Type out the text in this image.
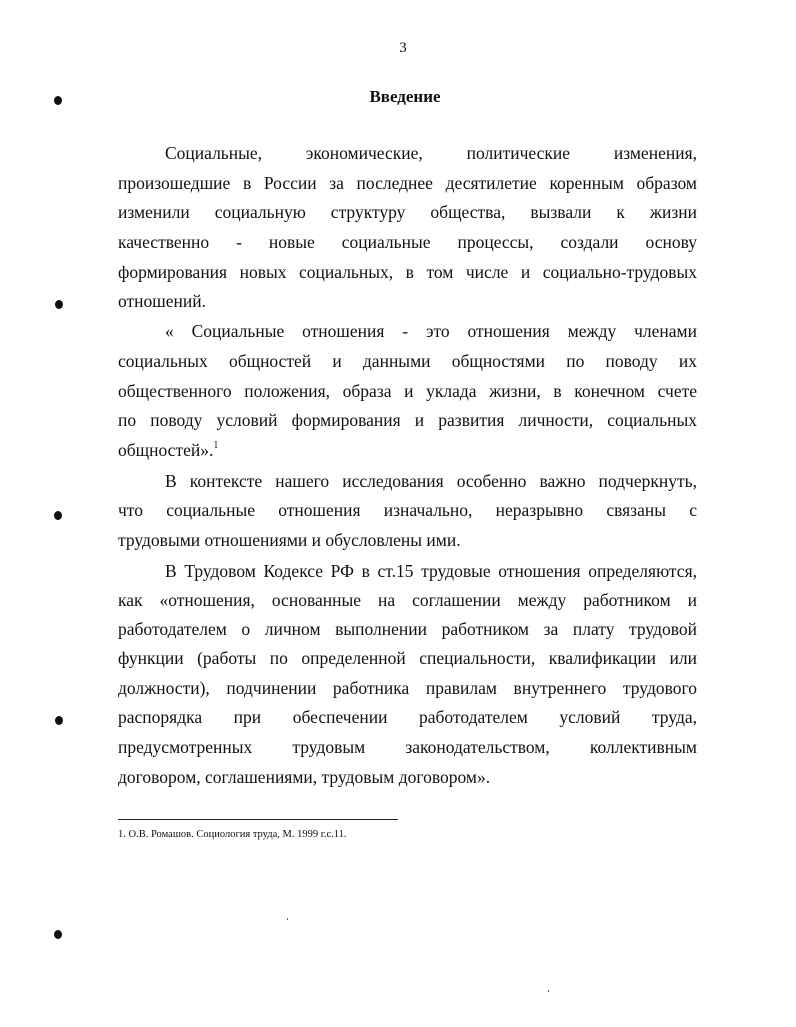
3
Введение
Социальные, экономические, политические изменения,
произошедшие в России за последнее десятилетие коренным образом
изменили социальную структуру общества, вызвали к жизни
качественно - новые социальные процессы, создали основу
формирования новых социальных, в том числе и социально-трудовых
отношений.
« Социальные отношения - это отношения между членами
социальных общностей и данными общностями по поводу их
общественного положения, образа и уклада жизни, в конечном счете
по поводу условий формирования и развития личности, социальных
общностей».$^1$
В контексте нашего исследования особенно важно подчеркнуть,
что социальные отношения изначально, неразрывно связаны с
трудовыми отношениями и обусловлены ими.
В Трудовом Кодексе РФ в ст.15 трудовые отношения определяются,
как «отношения, основанные на соглашении между работником и
работодателем о личном выполнении работником за плату трудовой
функции (работы по определенной специальности, квалификации или
должности), подчинении работника правилам внутреннего трудового
распорядка при обеспечении работодателем условий труда,
предусмотренных трудовым законодательством, коллективным
договором, соглашениями, трудовым договором».
1. О.В. Ромашов. Социология труда, М. 1999 г.с.11.
